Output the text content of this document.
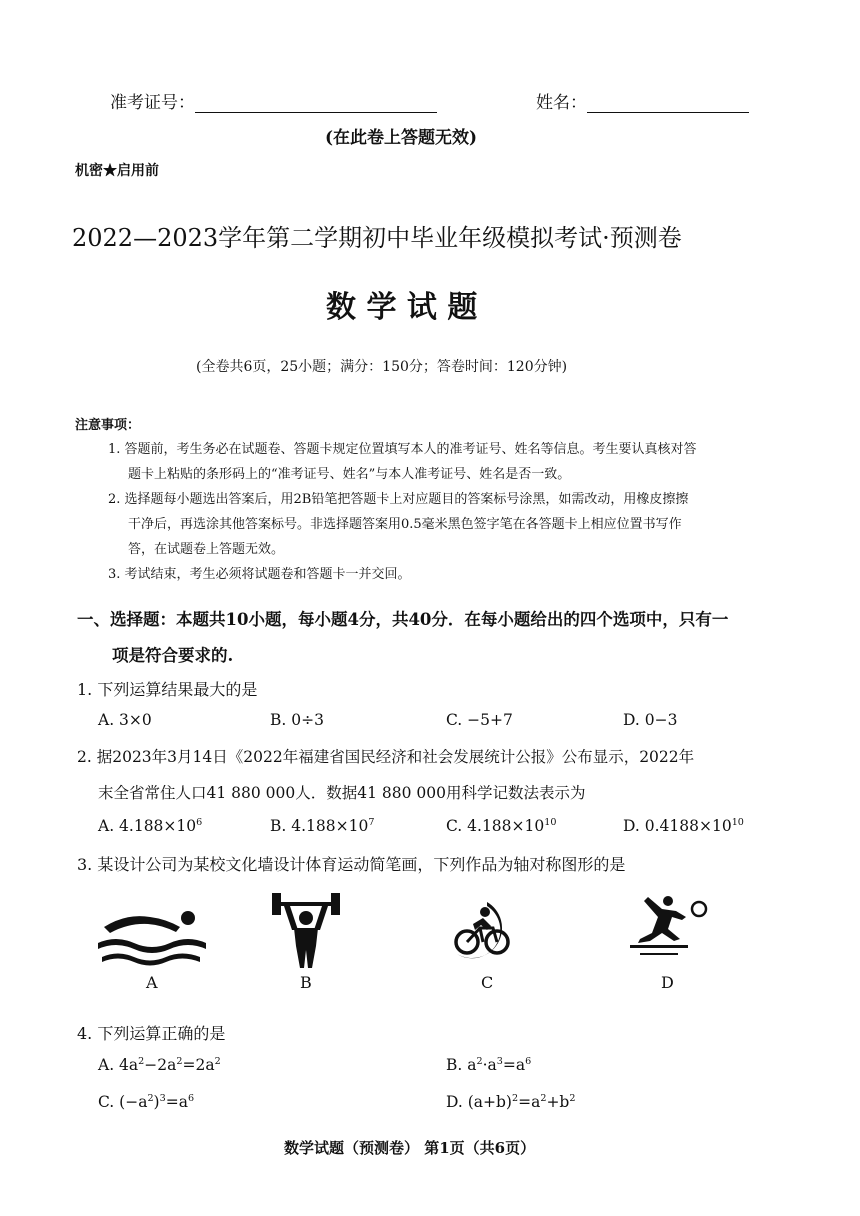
准考证号：	姓名：
(在此卷上答题无效)
机密★启用前
2022—2023学年第二学期初中毕业年级模拟考试·预测卷
数 学 试 题
(全卷共6页，25小题；满分：150分；答卷时间：120分钟)
注意事项：
1. 答题前，考生务必在试题卷、答题卡规定位置填写本人的准考证号、姓名等信息。考生要认真核对答
题卡上粘贴的条形码上的“准考证号、姓名”与本人准考证号、姓名是否一致。
2. 选择题每小题选出答案后，用2B铅笔把答题卡上对应题目的答案标号涂黑，如需改动，用橡皮擦擦
干净后，再选涂其他答案标号。非选择题答案用0.5毫米黑色签字笔在各答题卡上相应位置书写作
答，在试题卷上答题无效。
3. 考试结束，考生必须将试题卷和答题卡一并交回。
一、选择题：本题共10小题，每小题4分，共40分．在每小题给出的四个选项中，只有一
项是符合要求的.
1. 下列运算结果最大的是
A. 3×0	B. 0÷3	C. −5+7	D. 0−3
2. 据2023年3月14日《2022年福建省国民经济和社会发展统计公报》公布显示，2022年
末全省常住人口41 880 000人．数据41 880 000用科学记数法表示为
A. $4.188\times 10^6$	B. $4.188\times 10^7$	C. $4.188\times 10^{10}$	D. $0.4188\times 10^{10}$
3. 某设计公司为某校文化墙设计体育运动简笔画，下列作品为轴对称图形的是
A	B	C	D
4. 下列运算正确的是
A. $4a^2-2a^2=2a^2$	B. $a^2\cdot a^3=a^6$
C. $(-a^2)^3=a^6$	D. $(a+b)^2=a^2+b^2$
数学试题（预测卷） 第1页（共6页）
